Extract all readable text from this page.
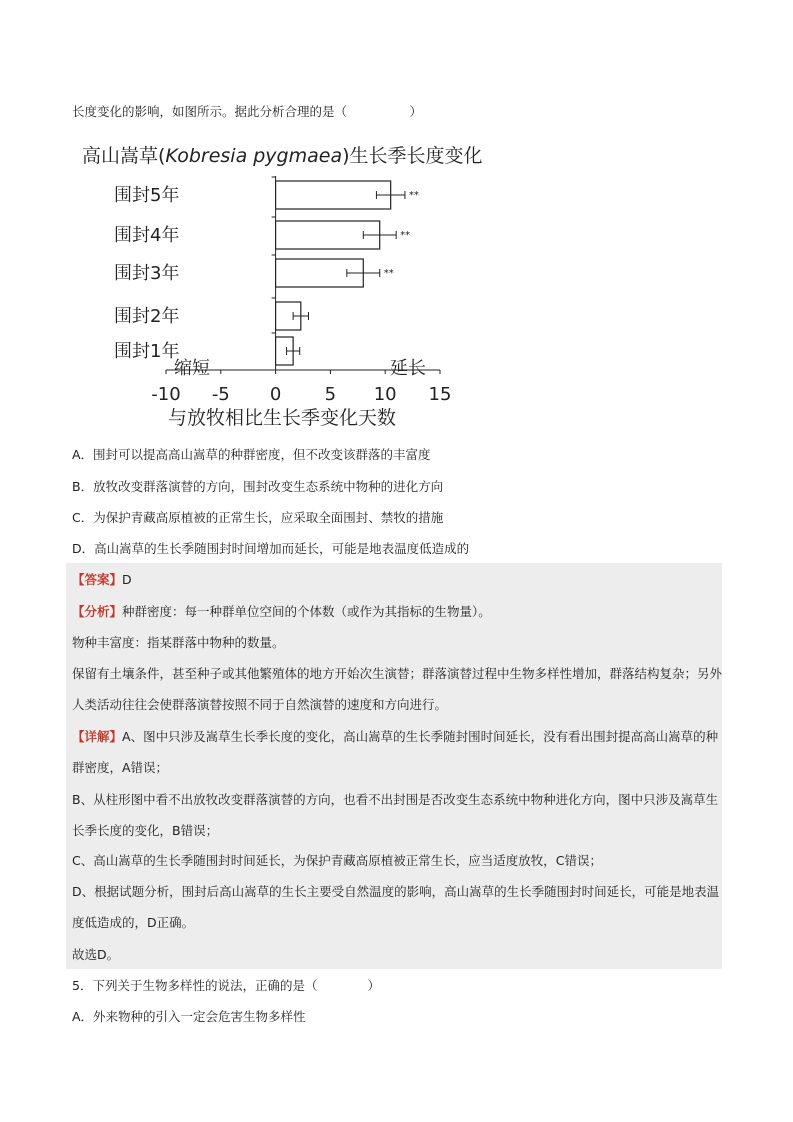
长度变化的影响，如图所示。据此分析合理的是（　　　　　）
高山嵩草(Kobresia pygmaea)生长季长度变化
围封5年	**
围封4年	**
围封3年	**
围封2年
围封1年
-10 -5 0 5 10 15
缩短	延长
与放牧相比生长季变化天数
A．围封可以提高高山嵩草的种群密度，但不改变该群落的丰富度
B．放牧改变群落演替的方向，围封改变生态系统中物种的进化方向
C．为保护青藏高原植被的正常生长，应采取全面围封、禁牧的措施
D．高山嵩草的生长季随围封时间增加而延长，可能是地表温度低造成的
【答案】D
【分析】种群密度：每一种群单位空间的个体数（或作为其指标的生物量）。
物种丰富度：指某群落中物种的数量。
保留有土壤条件，甚至种子或其他繁殖体的地方开始次生演替；群落演替过程中生物多样性增加，群落结构复杂；另外人类活动往往会使群落演替按照不同于自然演替的速度和方向进行。
【详解】A、图中只涉及嵩草生长季长度的变化，高山嵩草的生长季随封围时间延长，没有看出围封提高高山嵩草的种群密度，A错误；
B、从柱形图中看不出放牧改变群落演替的方向，也看不出封围是否改变生态系统中物种进化方向，图中只涉及嵩草生长季长度的变化，B错误；
C、高山嵩草的生长季随围封时间延长，为保护青藏高原植被正常生长，应当适度放牧，C错误；
D、根据试题分析，围封后高山嵩草的生长主要受自然温度的影响，高山嵩草的生长季随围封时间延长，可能是地表温度低造成的，D正确。
故选D。
5．下列关于生物多样性的说法，正确的是（　　　　）
A．外来物种的引入一定会危害生物多样性
